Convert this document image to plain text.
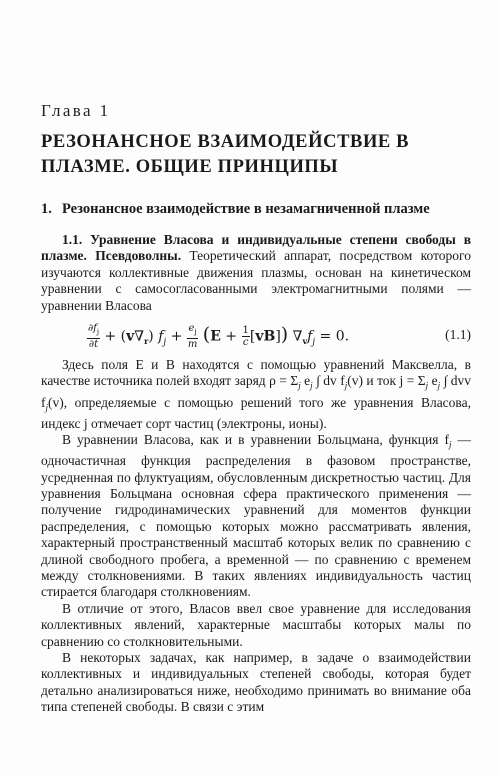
Глава 1
РЕЗОНАНСНОЕ ВЗАИМОДЕЙСТВИЕ В ПЛАЗМЕ. ОБЩИЕ ПРИНЦИПЫ
1. Резонансное взаимодействие в незамагниченной плазме

1.1. Уравнение Власова и индивидуальные степени свободы в плазме. Псевдоволны. Теоретический аппарат, посредством которого изучаются коллективные движения плазмы, основан на кинетическом уравнении с самосогласованными электромагнитными полями — уравнении Власова

$\frac{\partial f_j}{\partial t} + (v\nabla_r) f_j + \frac{e_j}{m} (E + \frac{1}{c} [vB]) \nabla_vf_j = 0$.	(1.1)

Здесь поля E и B находятся с помощью уравнений Максвелла, в качестве источника полей входят заряд $\rho = \Sigma_j$ $e_j$ ∫ dv $f_j(v)$ и ток $j = \Sigma_j$ $e_j$ ∫ dvv $f_j(v)$, определяемые с помощью решений того же уравнения Власова, индекс j отмечает сорт частиц (электроны, ионы).

В уравнении Власова, как и в уравнении Больцмана, функция $f_j$ — одночастичная функция распределения в фазовом пространстве, усредненная по флуктуациям, обусловленным дискретностью частиц. Для уравнения Больцмана основная сфера практического применения — получение гидродинамических уравнений для моментов функции распределения, с помощью которых можно рассматривать явления, характерный пространственный масштаб которых велик по сравнению с длиной свободного пробега, а временной — по сравнению с временем между столкновениями. В таких явлениях индивидуальность частиц стирается благодаря столкновениям.

В отличие от этого, Власов ввел свое уравнение для исследования коллективных явлений, характерные масштабы которых малы по сравнению со столкновительными.

В некоторых задачах, как например, в задаче о взаимодействии коллективных и индивидуальных степеней свободы, которая будет детально анализироваться ниже, необходимо принимать во внимание оба типа степеней свободы. В связи с этим
